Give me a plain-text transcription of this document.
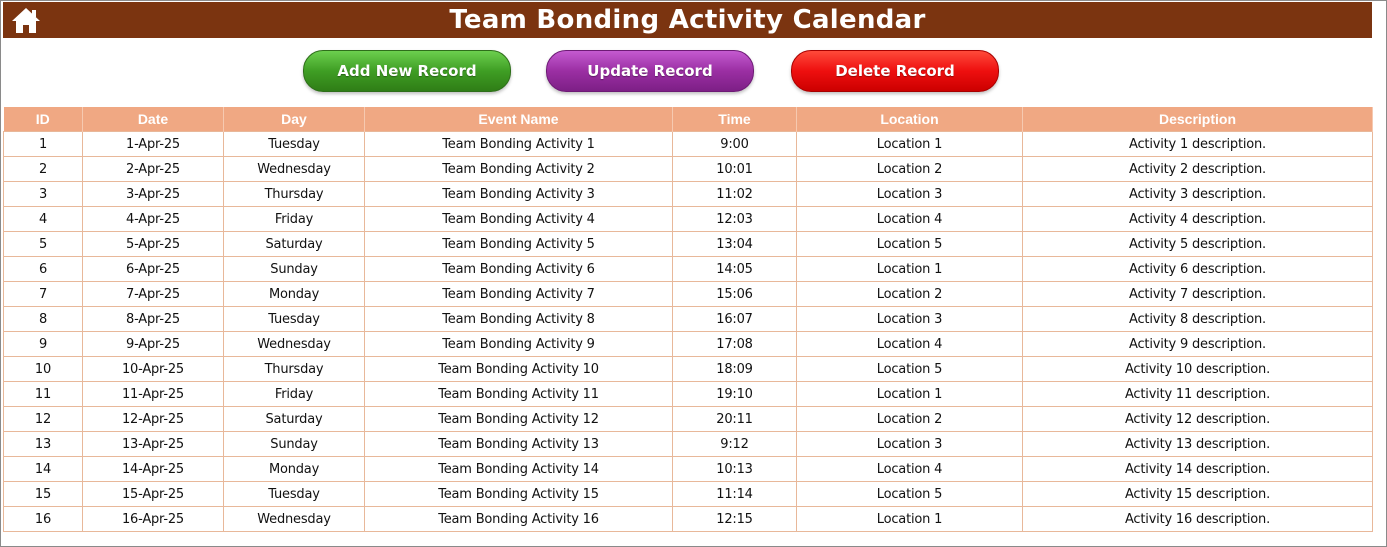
Team Bonding Activity Calendar
Add New Record	Update Record	Delete Record
ID	Date	Day	Event Name	Time	Location	Description
1	1-Apr-25	Tuesday	Team Bonding Activity 1	9:00	Location 1	Activity 1 description.
2	2-Apr-25	Wednesday	Team Bonding Activity 2	10:01	Location 2	Activity 2 description.
3	3-Apr-25	Thursday	Team Bonding Activity 3	11:02	Location 3	Activity 3 description.
4	4-Apr-25	Friday	Team Bonding Activity 4	12:03	Location 4	Activity 4 description.
5	5-Apr-25	Saturday	Team Bonding Activity 5	13:04	Location 5	Activity 5 description.
6	6-Apr-25	Sunday	Team Bonding Activity 6	14:05	Location 1	Activity 6 description.
7	7-Apr-25	Monday	Team Bonding Activity 7	15:06	Location 2	Activity 7 description.
8	8-Apr-25	Tuesday	Team Bonding Activity 8	16:07	Location 3	Activity 8 description.
9	9-Apr-25	Wednesday	Team Bonding Activity 9	17:08	Location 4	Activity 9 description.
10	10-Apr-25	Thursday	Team Bonding Activity 10	18:09	Location 5	Activity 10 description.
11	11-Apr-25	Friday	Team Bonding Activity 11	19:10	Location 1	Activity 11 description.
12	12-Apr-25	Saturday	Team Bonding Activity 12	20:11	Location 2	Activity 12 description.
13	13-Apr-25	Sunday	Team Bonding Activity 13	9:12	Location 3	Activity 13 description.
14	14-Apr-25	Monday	Team Bonding Activity 14	10:13	Location 4	Activity 14 description.
15	15-Apr-25	Tuesday	Team Bonding Activity 15	11:14	Location 5	Activity 15 description.
16	16-Apr-25	Wednesday	Team Bonding Activity 16	12:15	Location 1	Activity 16 description.
